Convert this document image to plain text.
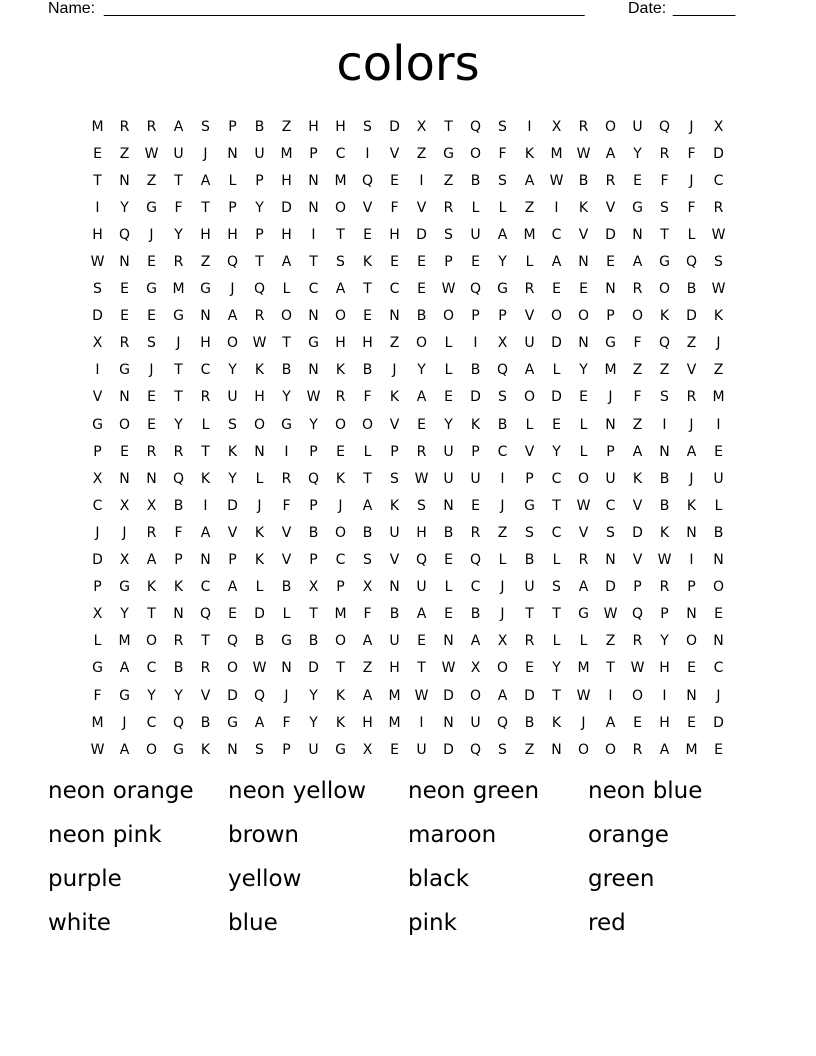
Name: ______________________________________________________	Date: _______
colors
M	R	R	A	S	P	B	Z	H	H	S	D	X	T	Q	S	I	X	R	O	U	Q	J	X
E	Z	W	U	J	N	U	M	P	C	I	V	Z	G	O	F	K	M	W	A	Y	R	F	D
T	N	Z	T	A	L	P	H	N	M	Q	E	I	Z	B	S	A	W	B	R	E	F	J	C
I	Y	G	F	T	P	Y	D	N	O	V	F	V	R	L	L	Z	I	K	V	G	S	F	R
H	Q	J	Y	H	H	P	H	I	T	E	H	D	S	U	A	M	C	V	D	N	T	L	W
W	N	E	R	Z	Q	T	A	T	S	K	E	E	P	E	Y	L	A	N	E	A	G	Q	S
S	E	G	M	G	J	Q	L	C	A	T	C	E	W	Q	G	R	E	E	N	R	O	B	W
D	E	E	G	N	A	R	O	N	O	E	N	B	O	P	P	V	O	O	P	O	K	D	K
X	R	S	J	H	O	W	T	G	H	H	Z	O	L	I	X	U	D	N	G	F	Q	Z	J
I	G	J	T	C	Y	K	B	N	K	B	J	Y	L	B	Q	A	L	Y	M	Z	Z	V	Z
V	N	E	T	R	U	H	Y	W	R	F	K	A	E	D	S	O	D	E	J	F	S	R	M
G	O	E	Y	L	S	O	G	Y	O	O	V	E	Y	K	B	L	E	L	N	Z	I	J	I
P	E	R	R	T	K	N	I	P	E	L	P	R	U	P	C	V	Y	L	P	A	N	A	E
X	N	N	Q	K	Y	L	R	Q	K	T	S	W	U	U	I	P	C	O	U	K	B	J	U
C	X	X	B	I	D	J	F	P	J	A	K	S	N	E	J	G	T	W	C	V	B	K	L
J	J	R	F	A	V	K	V	B	O	B	U	H	B	R	Z	S	C	V	S	D	K	N	B
D	X	A	P	N	P	K	V	P	C	S	V	Q	E	Q	L	B	L	R	N	V	W	I	N
P	G	K	K	C	A	L	B	X	P	X	N	U	L	C	J	U	S	A	D	P	R	P	O
X	Y	T	N	Q	E	D	L	T	M	F	B	A	E	B	J	T	T	G	W	Q	P	N	E
L	M	O	R	T	Q	B	G	B	O	A	U	E	N	A	X	R	L	L	Z	R	Y	O	N
G	A	C	B	R	O	W	N	D	T	Z	H	T	W	X	O	E	Y	M	T	W	H	E	C
F	G	Y	Y	V	D	Q	J	Y	K	A	M	W	D	O	A	D	T	W	I	O	I	N	J
M	J	C	Q	B	G	A	F	Y	K	H	M	I	N	U	Q	B	K	J	A	E	H	E	D
W	A	O	G	K	N	S	P	U	G	X	E	U	D	Q	S	Z	N	O	O	R	A	M	E
neon orange	neon yellow	neon green	neon blue
neon pink	brown	maroon	orange
purple	yellow	black	green
white	blue	pink	red
